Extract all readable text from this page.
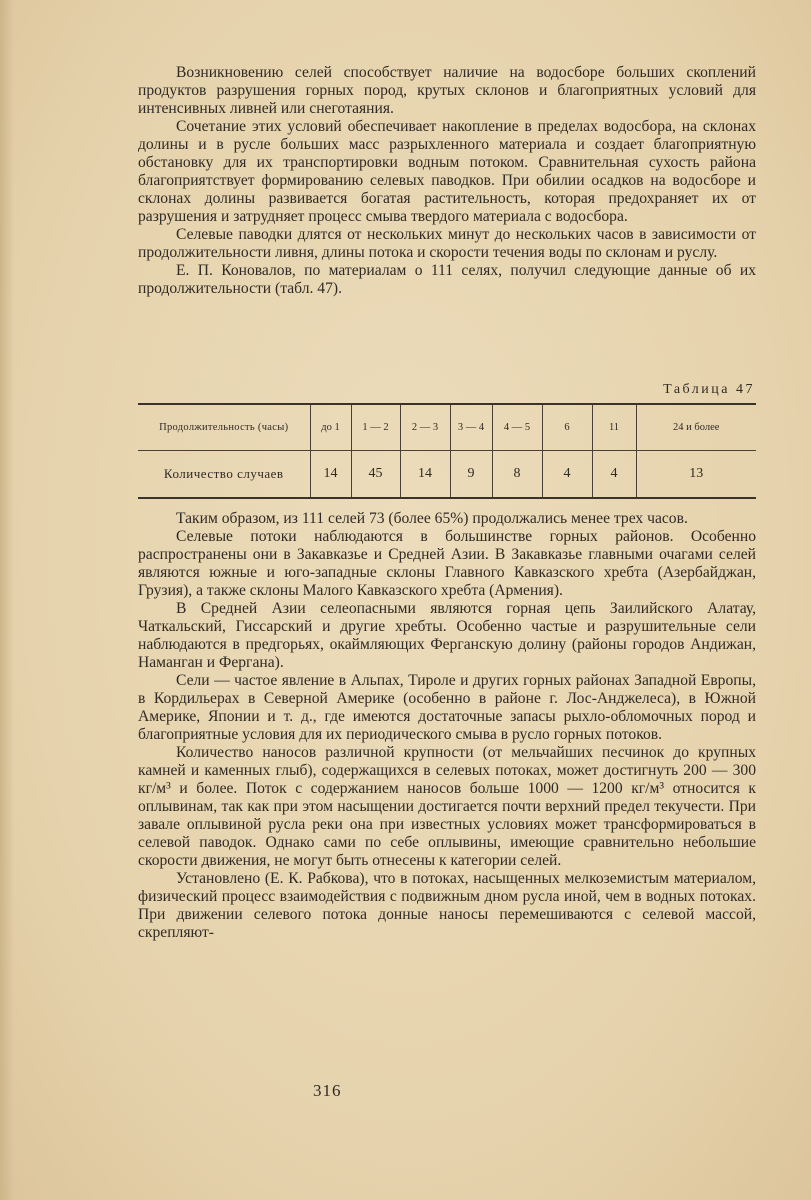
Возникновению селей способствует наличие на водосборе больших скоплений продуктов разрушения горных пород, крутых склонов и благоприятных условий для интенсивных ливней или снеготаяния.

Сочетание этих условий обеспечивает накопление в пределах водосбора, на склонах долины и в русле больших масс разрыхленного материала и создает благоприятную обстановку для их транспортировки водным потоком. Сравнительная сухость района благоприятствует формированию селевых паводков. При обилии осадков на водосборе и склонах долины развивается богатая растительность, которая предохраняет их от разрушения и затрудняет процесс смыва твердого материала с водосбора.

Селевые паводки длятся от нескольких минут до нескольких часов в зависимости от продолжительности ливня, длины потока и скорости течения воды по склонам и руслу.

Е. П. Коновалов, по материалам о 111 селях, получил следующие данные об их продолжительности (табл. 47).

Таблица 47
Продолжительность (часы)	до 1	1 — 2	2 — 3	3 — 4	4 — 5	6	11	24 и более
Количество случаев	14	45	14	9	8	4	4	13

Таким образом, из 111 селей 73 (более 65%) продолжались менее трех часов.

Селевые потоки наблюдаются в большинстве горных районов. Особенно распространены они в Закавказье и Средней Азии. В Закавказье главными очагами селей являются южные и юго-западные склоны Главного Кавказского хребта (Азербайджан, Грузия), а также склоны Малого Кавказского хребта (Армения).

В Средней Азии селеопасными являются горная цепь Заилийского Алатау, Чаткальский, Гиссарский и другие хребты. Особенно частые и разрушительные сели наблюдаются в предгорьях, окаймляющих Ферганскую долину (районы городов Андижан, Наманган и Фергана).

Сели — частое явление в Альпах, Тироле и других горных районах Западной Европы, в Кордильерах в Северной Америке (особенно в районе г. Лос-Анджелеса), в Южной Америке, Японии и т. д., где имеются достаточные запасы рыхло-обломочных пород и благоприятные условия для их периодического смыва в русло горных потоков.

Количество наносов различной крупности (от мельчайших песчинок до крупных камней и каменных глыб), содержащихся в селевых потоках, может достигнуть 200 — 300 кг/м³ и более. Поток с содержанием наносов больше 1000 — 1200 кг/м³ относится к оплывинам, так как при этом насыщении достигается почти верхний предел текучести. При завале оплывиной русла реки она при известных условиях может трансформироваться в селевой паводок. Однако сами по себе оплывины, имеющие сравнительно небольшие скорости движения, не могут быть отнесены к категории селей.

Установлено (Е. К. Рабкова), что в потоках, насыщенных мелкоземистым материалом, физический процесс взаимодействия с подвижным дном русла иной, чем в водных потоках. При движении селевого потока донные наносы перемешиваются с селевой массой, скрепляют-

316
